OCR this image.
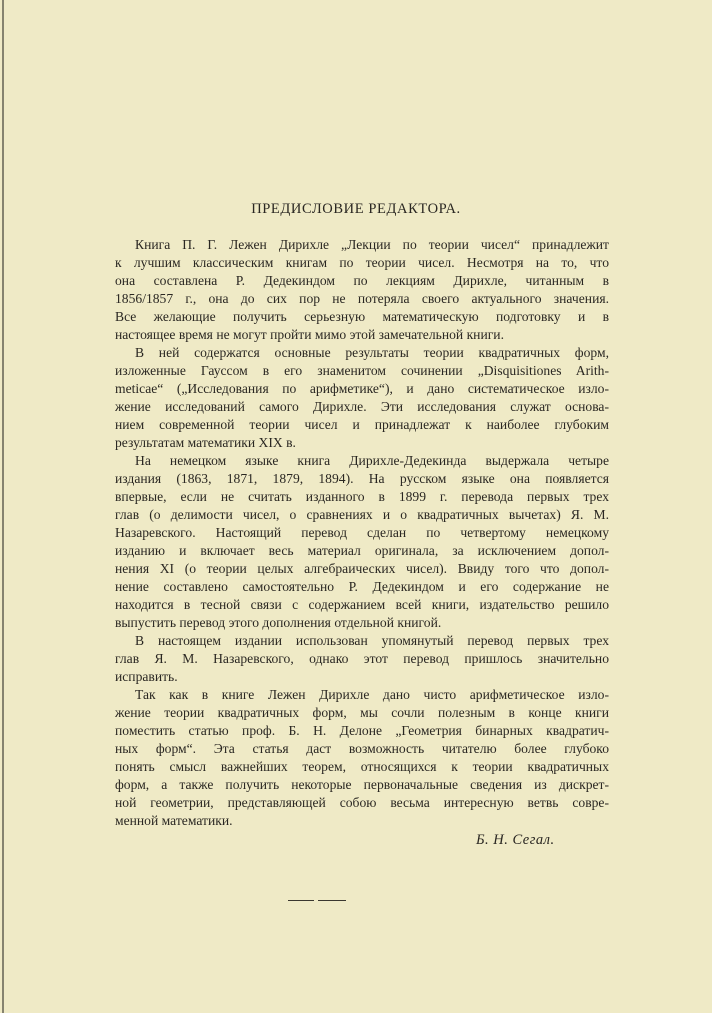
ПРЕДИСЛОВИЕ РЕДАКТОРА.
Книга П. Г. Лежен Дирихле „Лекции по теории чисел“ принадлежит
к лучшим классическим книгам по теории чисел. Несмотря на то, что
она составлена Р. Дедекиндом по лекциям Дирихле, читанным в
1856/1857 г., она до сих пор не потеряла своего актуального значения.
Все желающие получить серьезную математическую подготовку и в
настоящее время не могут пройти мимо этой замечательной книги.
В ней содержатся основные результаты теории квадратичных форм,
изложенные Гауссом в его знаменитом сочинении „Disquisitiones Arith-
meticae“ („Исследования по арифметике“), и дано систематическое изло-
жение исследований самого Дирихле. Эти исследования служат основа-
нием современной теории чисел и принадлежат к наиболее глубоким
результатам математики XIX в.
На немецком языке книга Дирихле-Дедекинда выдержала четыре
издания (1863, 1871, 1879, 1894). На русском языке она появляется
впервые, если не считать изданного в 1899 г. перевода первых трех
глав (о делимости чисел, о сравнениях и о квадратичных вычетах) Я. М.
Назаревского. Настоящий перевод сделан по четвертому немецкому
изданию и включает весь материал оригинала, за исключением допол-
нения XI (о теории целых алгебраических чисел). Ввиду того что допол-
нение составлено самостоятельно Р. Дедекиндом и его содержание не
находится в тесной связи с содержанием всей книги, издательство решило
выпустить перевод этого дополнения отдельной книгой.
В настоящем издании использован упомянутый перевод первых трех
глав Я. М. Назаревского, однако этот перевод пришлось значительно
исправить.
Так как в книге Лежен Дирихле дано чисто арифметическое изло-
жение теории квадратичных форм, мы сочли полезным в конце книги
поместить статью проф. Б. Н. Делоне „Геометрия бинарных квадратич-
ных форм“. Эта статья даст возможность читателю более глубоко
понять смысл важнейших теорем, относящихся к теории квадратичных
форм, а также получить некоторые первоначальные сведения из дискрет-
ной геометрии, представляющей собою весьма интересную ветвь совре-
менной математики.
Б. Н. Сегал.
